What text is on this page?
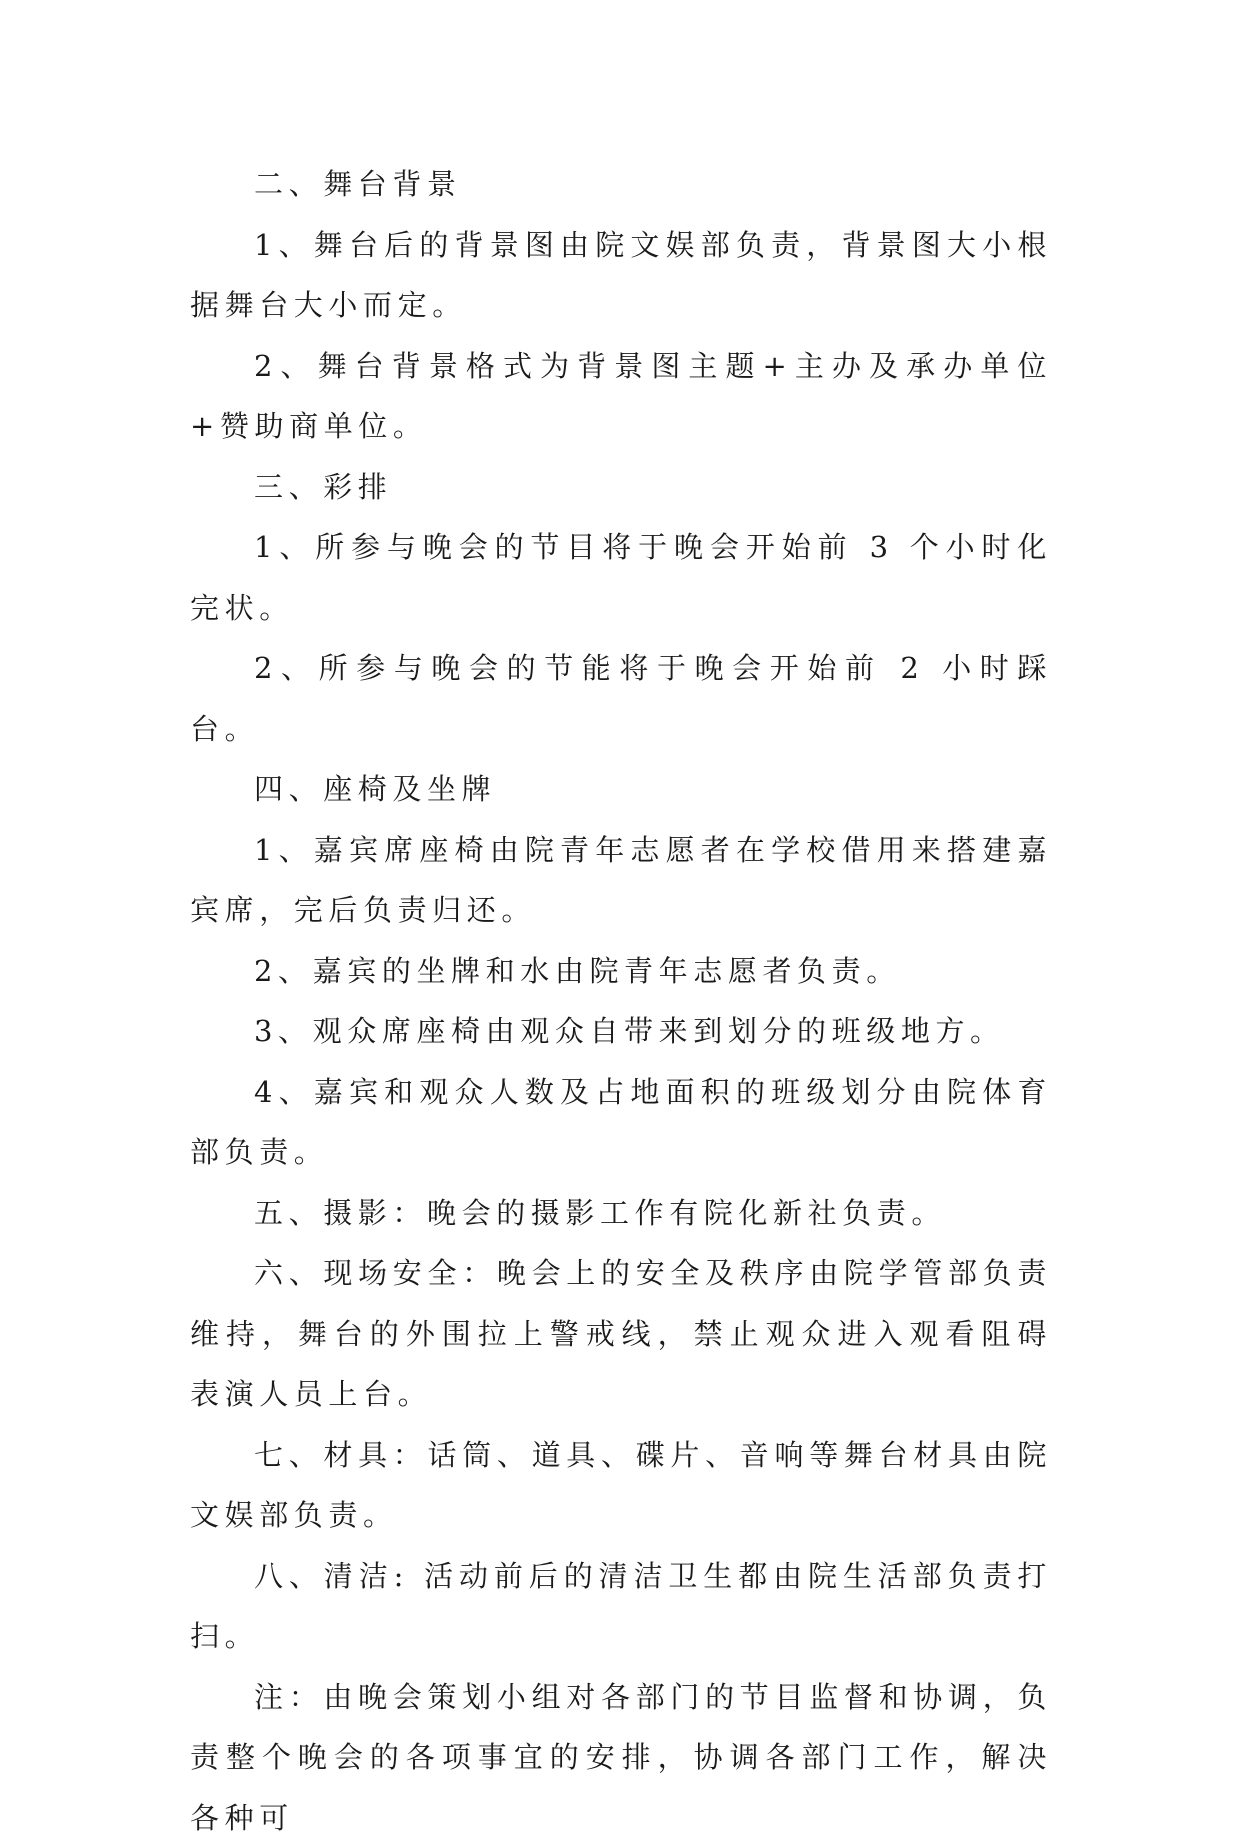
二、舞台背景

1、舞台后的背景图由院文娱部负责，背景图大小根据舞台大小而定。

2、舞台背景格式为背景图主题+主办及承办单位+赞助商单位。

三、彩排

1、所参与晚会的节目将于晚会开始前 3 个小时化完状。

2、所参与晚会的节能将于晚会开始前 2 小时踩台。

四、座椅及坐牌

1、嘉宾席座椅由院青年志愿者在学校借用来搭建嘉宾席，完后负责归还。

2、嘉宾的坐牌和水由院青年志愿者负责。

3、观众席座椅由观众自带来到划分的班级地方。

4、嘉宾和观众人数及占地面积的班级划分由院体育部负责。

五、摄影：晚会的摄影工作有院化新社负责。

六、现场安全：晚会上的安全及秩序由院学管部负责维持，舞台的外围拉上警戒线，禁止观众进入观看阻碍表演人员上台。

七、材具：话筒、道具、碟片、音响等舞台材具由院文娱部负责。

八、清洁: 活动前后的清洁卫生都由院生活部负责打扫。

注：由晚会策划小组对各部门的节目监督和协调，负责整个晚会的各项事宜的安排，协调各部门工作，解决各种可
